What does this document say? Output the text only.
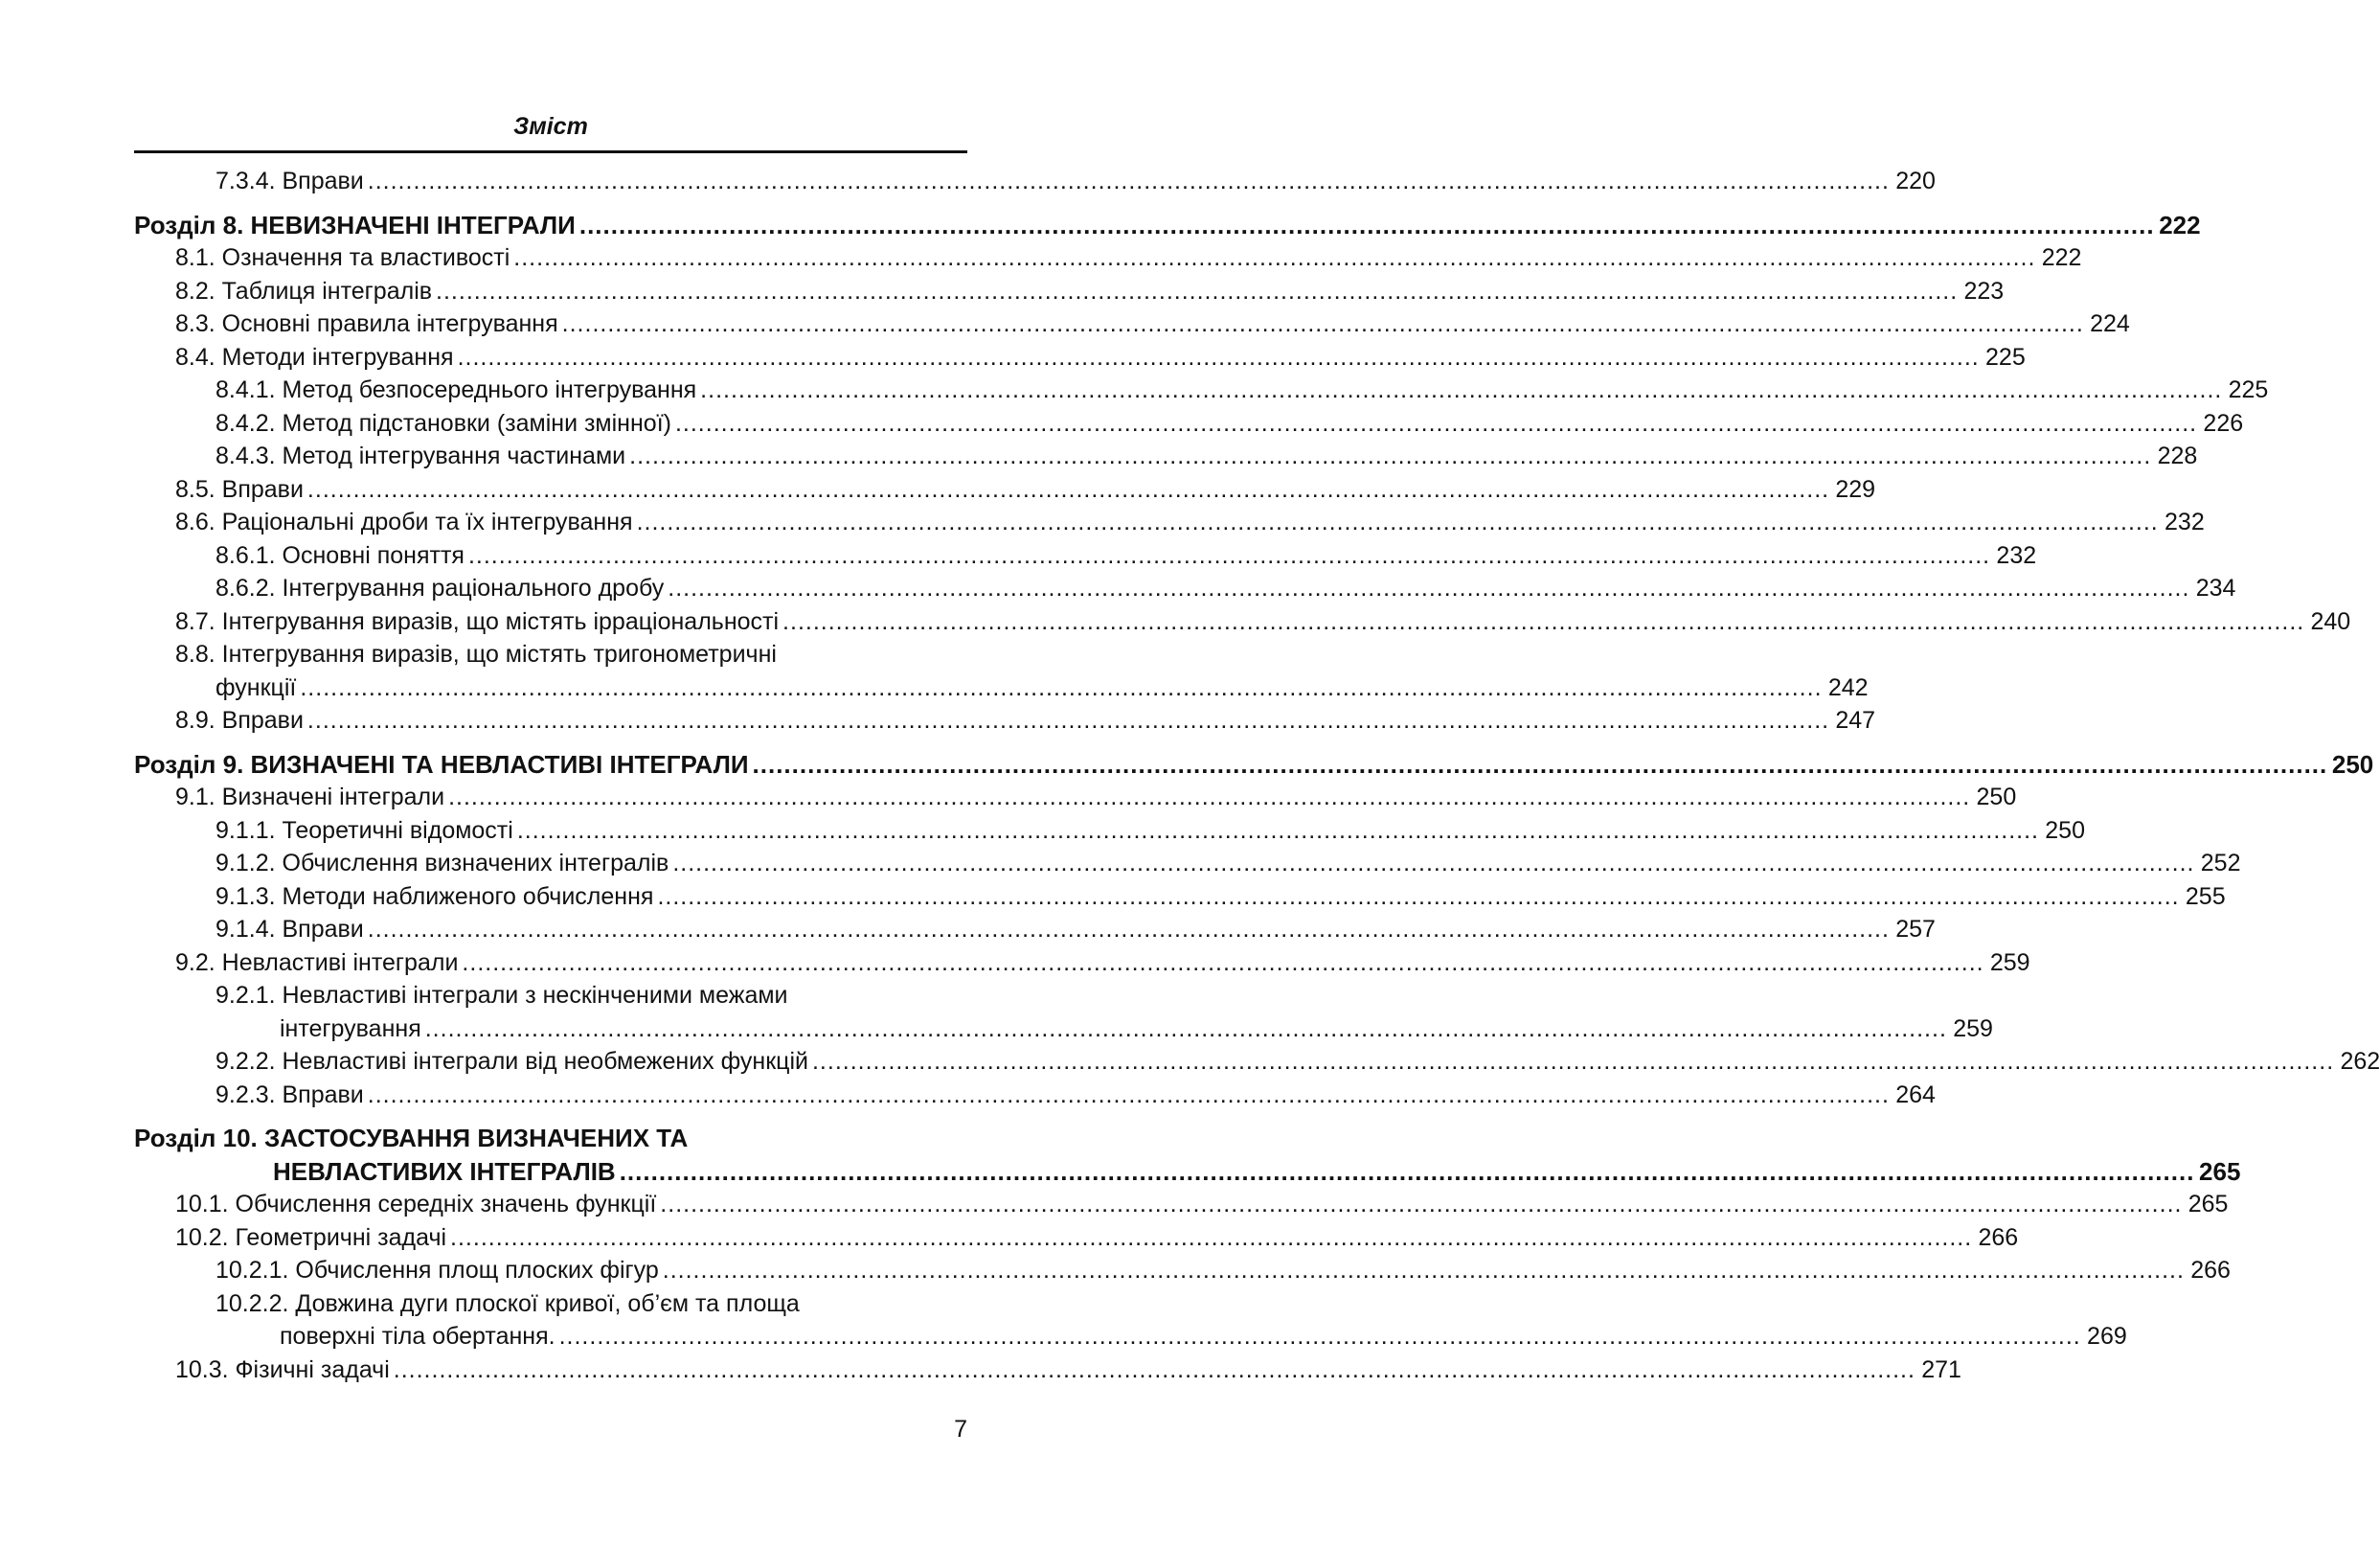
Зміст
7.3.4. Вправи ........................................................................................................................................................................................................ 220
Розділ 8. НЕВИЗНАЧЕНІ ІНТЕГРАЛИ ........................................................................................................................................................................................................ 222
8.1. Означення та властивості ........................................................................................................................................................................................................ 222
8.2. Таблиця інтегралів ........................................................................................................................................................................................................ 223
8.3. Основні правила інтегрування ........................................................................................................................................................................................................ 224
8.4. Методи інтегрування ........................................................................................................................................................................................................ 225
8.4.1. Метод безпосереднього інтегрування ........................................................................................................................................................................................................ 225
8.4.2. Метод підстановки (заміни змінної) ........................................................................................................................................................................................................ 226
8.4.3. Метод інтегрування частинами ........................................................................................................................................................................................................ 228
8.5. Вправи ........................................................................................................................................................................................................ 229
8.6. Раціональні дроби та їх інтегрування ........................................................................................................................................................................................................ 232
8.6.1. Основні поняття ........................................................................................................................................................................................................ 232
8.6.2. Інтегрування раціонального дробу ........................................................................................................................................................................................................ 234
8.7. Інтегрування виразів, що містять ірраціональності ........................................................................................................................................................................................................ 240
8.8. Інтегрування виразів, що містять тригонометричні
функції ........................................................................................................................................................................................................ 242
8.9. Вправи ........................................................................................................................................................................................................ 247
Розділ 9. ВИЗНАЧЕНІ ТА НЕВЛАСТИВІ ІНТЕГРАЛИ ........................................................................................................................................................................................................ 250
9.1. Визначені інтеграли ........................................................................................................................................................................................................ 250
9.1.1. Теоретичні відомості ........................................................................................................................................................................................................ 250
9.1.2. Обчислення визначених інтегралів ........................................................................................................................................................................................................ 252
9.1.3. Методи наближеного обчислення ........................................................................................................................................................................................................ 255
9.1.4. Вправи ........................................................................................................................................................................................................ 257
9.2. Невластиві інтеграли ........................................................................................................................................................................................................ 259
9.2.1. Невластиві інтеграли з нескінченими межами
інтегрування ........................................................................................................................................................................................................ 259
9.2.2. Невластиві інтеграли від необмежених функцій ........................................................................................................................................................................................................ 262
9.2.3. Вправи ........................................................................................................................................................................................................ 264
Розділ 10. ЗАСТОСУВАННЯ ВИЗНАЧЕНИХ ТА
НЕВЛАСТИВИХ ІНТЕГРАЛІВ ........................................................................................................................................................................................................ 265
10.1. Обчислення середніх значень функції ........................................................................................................................................................................................................ 265
10.2. Геометричні задачі ........................................................................................................................................................................................................ 266
10.2.1. Обчислення площ плоских фігур ........................................................................................................................................................................................................ 266
10.2.2. Довжина дуги плоскої кривої, об’єм та площа
поверхні тіла обертання. ........................................................................................................................................................................................................ 269
10.3. Фізичні задачі ........................................................................................................................................................................................................ 271
7
